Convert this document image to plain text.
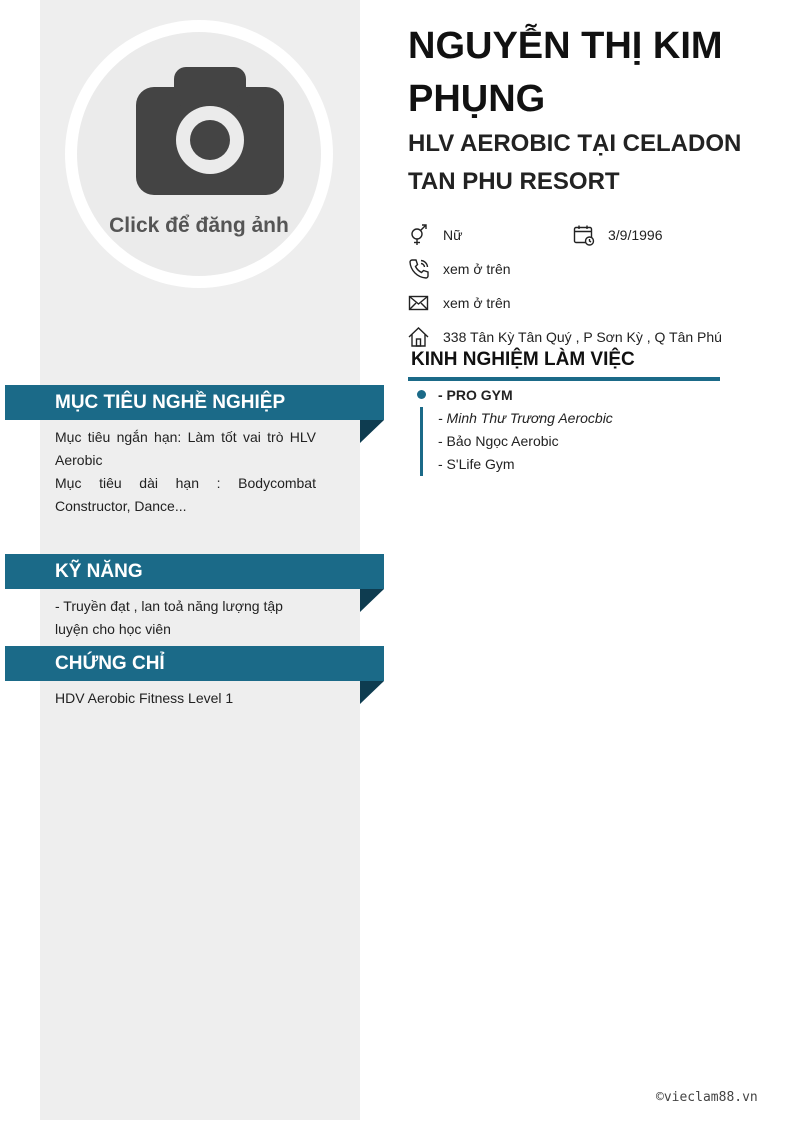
Click để đăng ảnh
MỤC TIÊU NGHỀ NGHIỆP

Mục tiêu ngắn hạn: Làm tốt vai trò HLV Aerobic

Mục tiêu dài hạn : Bodycombat Constructor, Dance...

KỸ NĂNG
- Truyền đạt , lan toả năng lượng tập luyện cho học viên
CHỨNG CHỈ
HDV Aerobic Fitness Level 1
NGUYỄN THỊ KIM PHỤNG
HLV AEROBIC TẠI CELADON TAN PHU RESORT
Nữ	3/9/1996
xem ở trên
xem ở trên
338 Tân Kỳ Tân Quý , P Sơn Kỳ , Q Tân Phú
KINH NGHIỆM LÀM VIỆC
- PRO GYM
- Minh Thư Trương Aerocbic
- Bảo Ngọc Aerobic
- S'Life Gym
©vieclam88.vn
